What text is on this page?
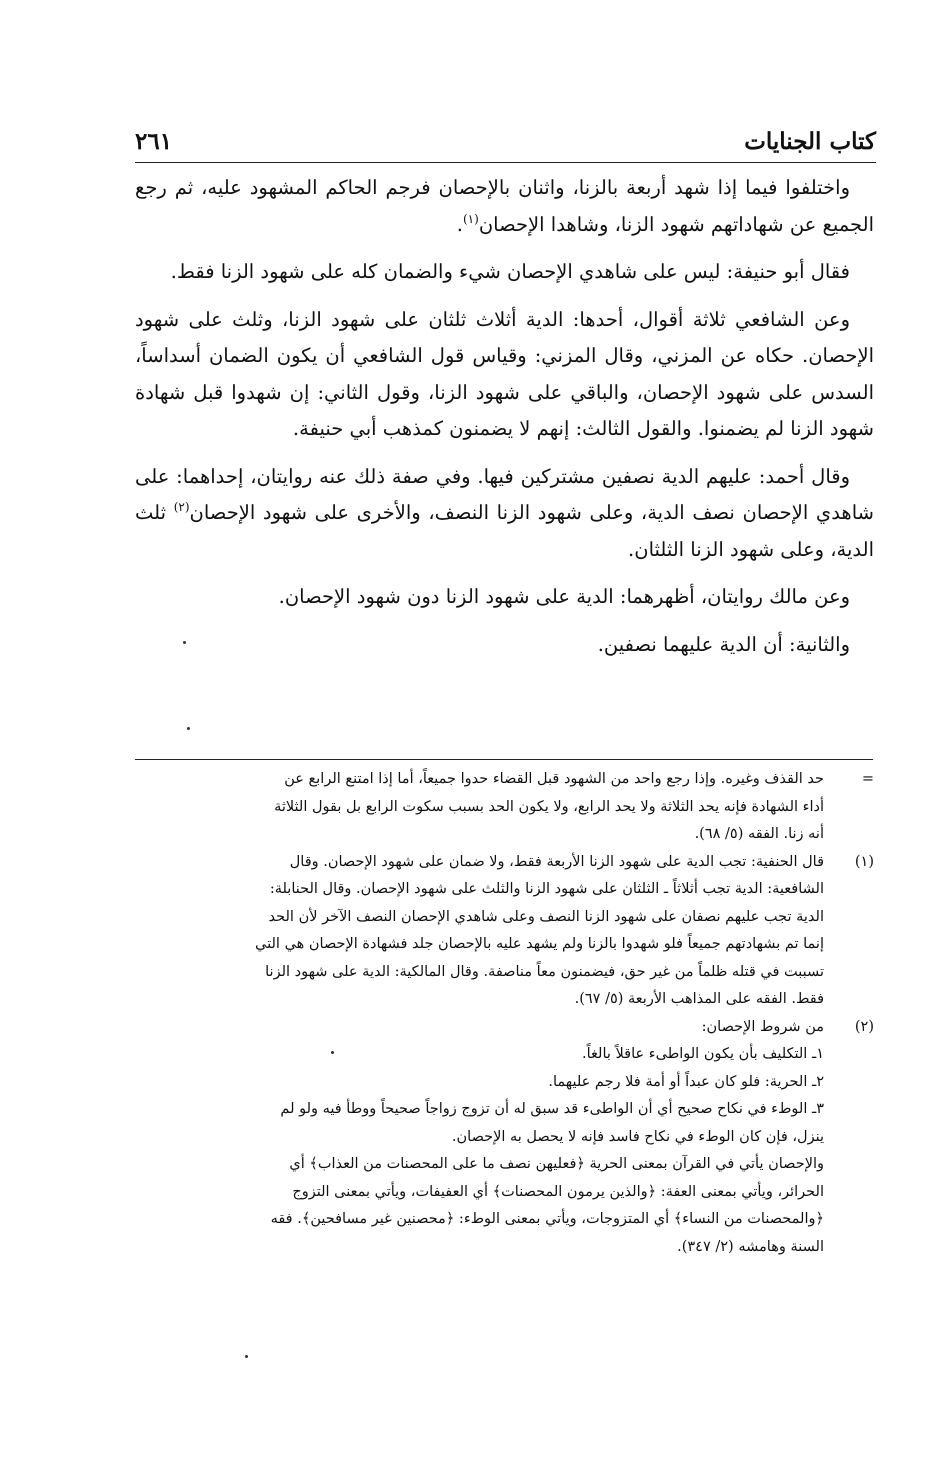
كتاب الجنايات
٢٦١

واختلفوا فيما إذا شهد أربعة بالزنا، واثنان بالإحصان فرجم الحاكم المشهود عليه، ثم رجع الجميع عن شهاداتهم شهود الزنا، وشاهدا الإحصان$^{(١)}$.

فقال أبو حنيفة: ليس على شاهدي الإحصان شيء والضمان كله على شهود الزنا فقط.

وعن الشافعي ثلاثة أقوال، أحدها: الدية أثلاث ثلثان على شهود الزنا، وثلث على شهود الإحصان. حكاه عن المزني، وقال المزني: وقياس قول الشافعي أن يكون الضمان أسداساً، السدس على شهود الإحصان، والباقي على شهود الزنا، وقول الثاني: إن شهدوا قبل شهادة شهود الزنا لم يضمنوا. والقول الثالث: إنهم لا يضمنون كمذهب أبي حنيفة.

وقال أحمد: عليهم الدية نصفين مشتركين فيها. وفي صفة ذلك عنه روايتان، إحداهما: على شاهدي الإحصان نصف الدية، وعلى شهود الزنا النصف، والأخرى على شهود الإحصان$^{(٢)}$ ثلث الدية، وعلى شهود الزنا الثلثان.

وعن مالك روايتان، أظهرهما: الدية على شهود الزنا دون شهود الإحصان.

والثانية: أن الدية عليهما نصفين.

=
حد القذف وغيره. وإذا رجع واحد من الشهود قبل القضاء حدوا جميعاً، أما إذا امتنع الرابع عن
أداء الشهادة فإنه يحد الثلاثة ولا يحد الرابع، ولا يكون الحد بسبب سكوت الرابع بل بقول الثلاثة
أنه زنا. الفقه (٥/ ٦٨).
(١)
قال الحنفية: تجب الدية على شهود الزنا الأربعة فقط، ولا ضمان على شهود الإحصان. وقال
الشافعية: الدية تجب أثلاثاً ـ الثلثان على شهود الزنا والثلث على شهود الإحصان. وقال الحنابلة:
الدية تجب عليهم نصفان على شهود الزنا النصف وعلى شاهدي الإحصان النصف الآخر لأن الحد
إنما تم بشهادتهم جميعاً فلو شهدوا بالزنا ولم يشهد عليه بالإحصان جلد فشهادة الإحصان هي التي
تسببت في قتله ظلماً من غير حق، فيضمنون معاً مناصفة. وقال المالكية: الدية على شهود الزنا
فقط. الفقه على المذاهب الأربعة (٥/ ٦٧).
(٢)
من شروط الإحصان:
١ـ التكليف بأن يكون الواطىء عاقلاً بالغاً.
٢ـ الحرية: فلو كان عبداً أو أمة فلا رجم عليهما.
٣ـ الوطء في نكاح صحيح أي أن الواطىء قد سبق له أن تزوج زواجاً صحيحاً ووطأ فيه ولو لم
ينزل، فإن كان الوطء في نكاح فاسد فإنه لا يحصل به الإحصان.
والإحصان يأتي في القرآن بمعنى الحرية ﴿فعليهن نصف ما على المحصنات من العذاب﴾ أي
الحرائر، ويأتي بمعنى العفة: ﴿والذين يرمون المحصنات﴾ أي العفيفات، ويأتي بمعنى التزوج
﴿والمحصنات من النساء﴾ أي المتزوجات، ويأتي بمعنى الوطء: ﴿محصنين غير مسافحين﴾. فقه
السنة وهامشه (٢/ ٣٤٧).
